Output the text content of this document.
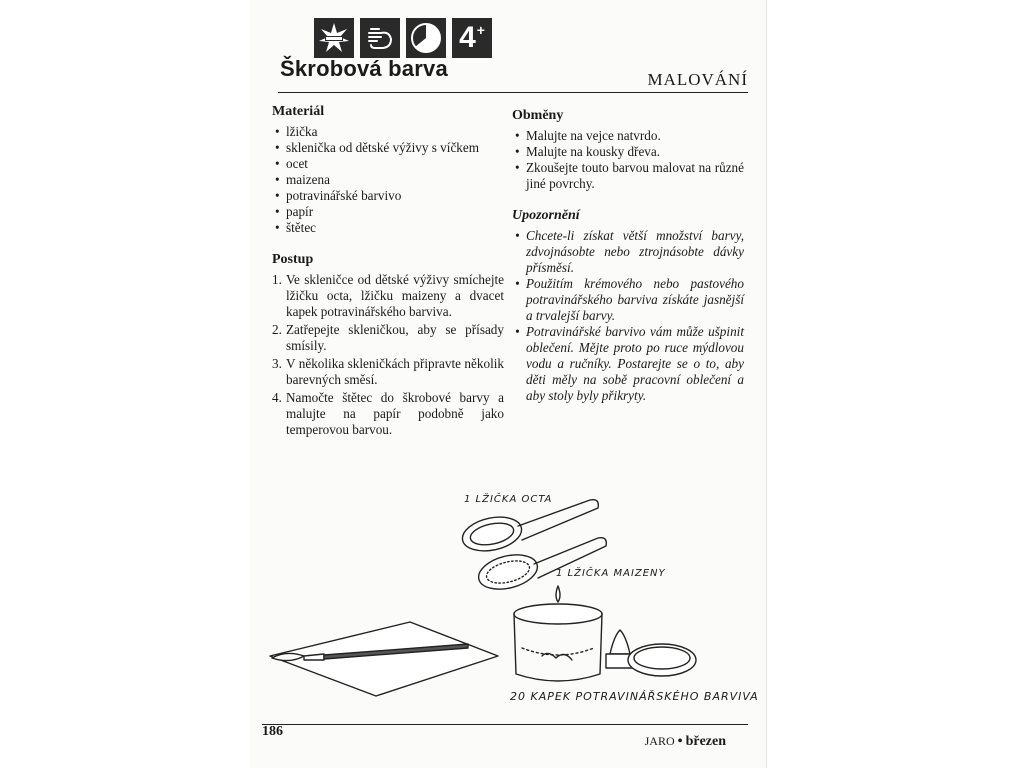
4+
Škrobová barva	MALOVÁNÍ
Materiál
• lžička
• sklenička od dětské výživy s víčkem
• ocet
• maizena
• potravinářské barvivo
• papír
• štětec
Postup
1. Ve skleničce od dětské výživy smíchejte lžičku octa, lžičku maizeny a dvacet kapek potravinářského barviva.
2. Zatřepejte skleničkou, aby se přísady smísily.
3. V několika skleničkách připravte několik barevných směsí.
4. Namočte štětec do škrobové barvy a malujte na papír podobně jako temperovou barvou.
Obměny
• Malujte na vejce natvrdo.
• Malujte na kousky dřeva.
• Zkoušejte touto barvou malovat na různé jiné povrchy.
Upozornění
• Chcete-li získat větší množství barvy, zdvojnásobte nebo ztrojnásobte dávky přísměsí.
• Použitím krémového nebo pastového potravinářského barviva získáte jasnější a trvalejší barvy.
• Potravinářské barvivo vám může ušpinit oblečení. Mějte proto po ruce mýdlovou vodu a ručníky. Postarejte se o to, aby děti měly na sobě pracovní oblečení a aby stoly byly přikryty.
1 LŽIČKA OCTA
1 LŽIČKA MAIZENY
20 KAPEK POTRAVINÁŘSKÉHO BARVIVA
186
JARO • březen
